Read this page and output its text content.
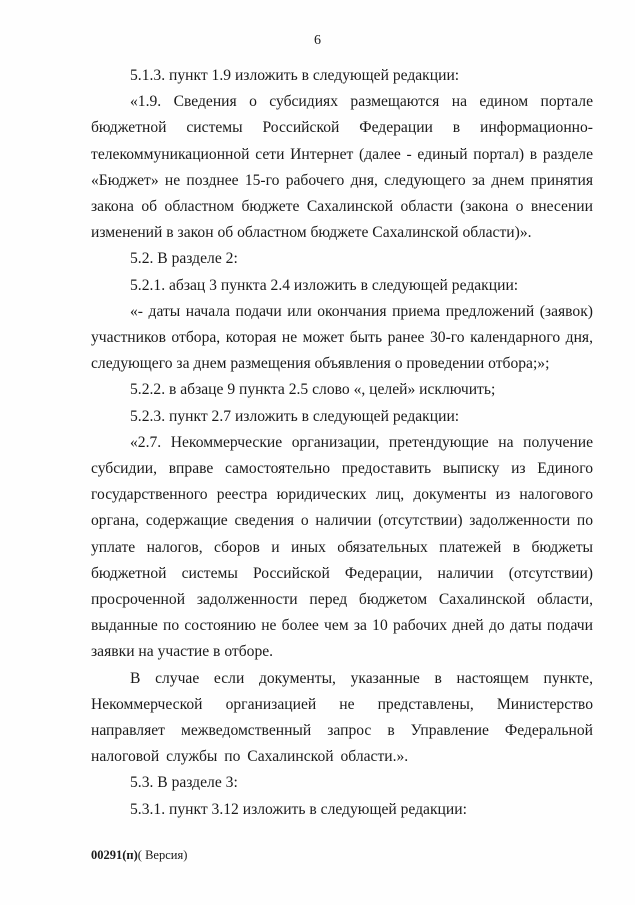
6

5.1.3. пункт 1.9 изложить в следующей редакции:

«1.9. Сведения о субсидиях размещаются на едином портале бюджетной системы Российской Федерации в информационно-телекоммуникационной сети Интернет (далее - единый портал) в разделе «Бюджет» не позднее 15-го рабочего дня, следующего за днем принятия закона об областном бюджете Сахалинской области (закона о внесении изменений в закон об областном бюджете Сахалинской области)».

5.2. В разделе 2:

5.2.1. абзац 3 пункта 2.4 изложить в следующей редакции:

«- даты начала подачи или окончания приема предложений (заявок) участников отбора, которая не может быть ранее 30-го календарного дня, следующего за днем размещения объявления о проведении отбора;»;

5.2.2. в абзаце 9 пункта 2.5 слово «, целей» исключить;

5.2.3. пункт 2.7 изложить в следующей редакции:

«2.7. Некоммерческие организации, претендующие на получение субсидии, вправе самостоятельно предоставить выписку из Единого государственного реестра юридических лиц, документы из налогового органа, содержащие сведения о наличии (отсутствии) задолженности по уплате налогов, сборов и иных обязательных платежей в бюджеты бюджетной системы Российской Федерации, наличии (отсутствии) просроченной задолженности перед бюджетом Сахалинской области, выданные по состоянию не более чем за 10 рабочих дней до даты подачи заявки на участие в отборе.

В случае если документы, указанные в настоящем пункте, Некоммерческой организацией не представлены, Министерство направляет межведомственный запрос в Управление Федеральной налоговой службы по Сахалинской области.».

5.3. В разделе 3:

5.3.1. пункт 3.12 изложить в следующей редакции:

00291(п)( Версия)
